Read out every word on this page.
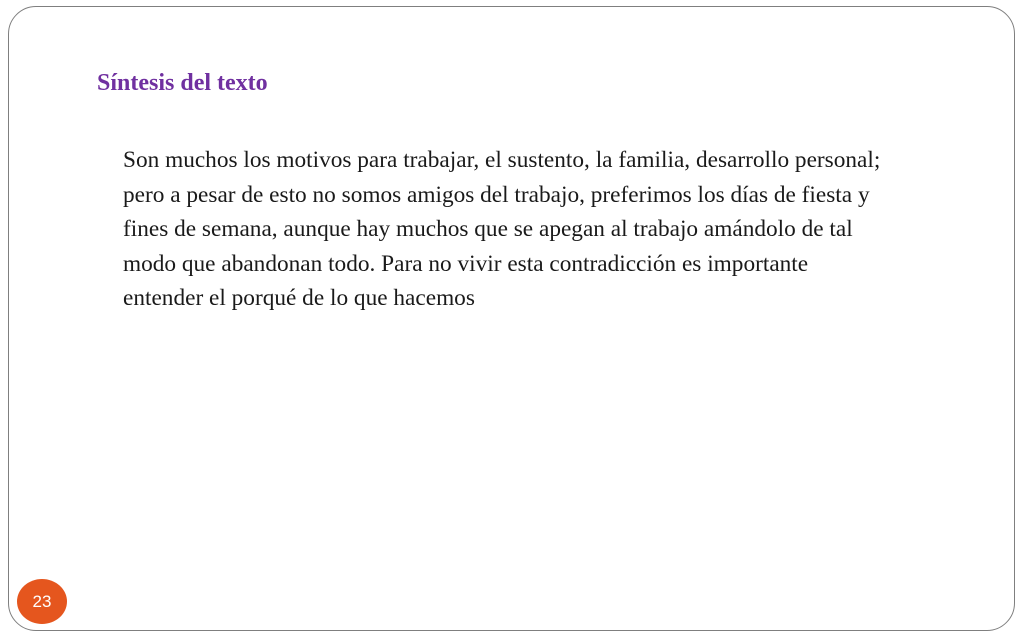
Síntesis del texto

Son muchos los motivos para trabajar, el sustento, la familia, desarrollo personal;
pero a pesar de esto no somos amigos del trabajo, preferimos los días de fiesta y
fines de semana, aunque hay muchos que se apegan al trabajo amándolo de tal
modo que abandonan todo. Para no vivir esta contradicción es importante
entender el porqué de lo que hacemos

23
